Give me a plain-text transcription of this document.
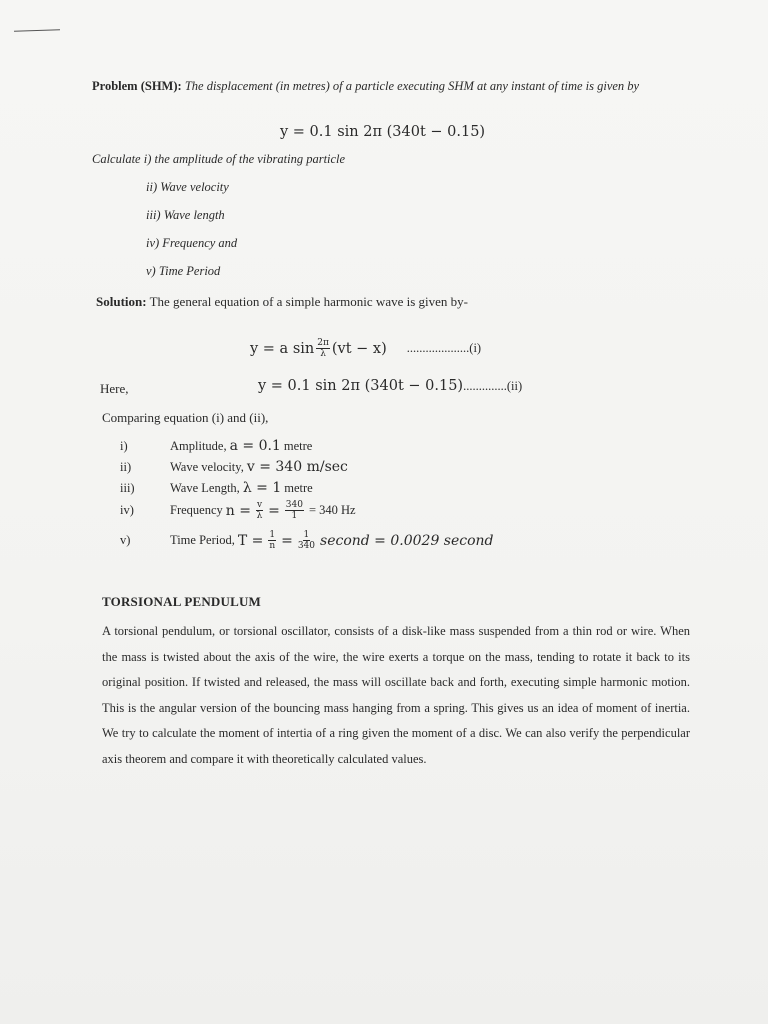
Problem (SHM): The displacement (in metres) of a particle executing SHM at any instant of time is given by
y = 0.1 sin 2π (340t − 0.15)
Calculate i) the amplitude of the vibrating particle
ii) Wave velocity
iii) Wave length
iv) Frequency and
v) Time Period
Solution: The general equation of a simple harmonic wave is given by-
y = a $\sin \frac{2\pi}{\lambda} (vt - x)$ ....................(i)
Here,	y = 0.1 sin 2π (340t − 0.15)..............(ii)
Comparing equation (i) and (ii),
i)	Amplitude, a = 0.1 metre
ii)	Wave velocity, v = 340 m/sec
iii)	Wave Length, λ = 1 metre
iv)	Frequency $n = \frac{v}{\lambda} = \frac{340}{1} = 340$ Hz
v)	Time Period, $T = \frac{1}{n} = \frac{1}{340}$ second = 0.0029 second
TORSIONAL PENDULUM
A torsional pendulum, or torsional oscillator, consists of a disk-like mass suspended from a thin rod or wire. When the mass is twisted about the axis of the wire, the wire exerts a torque on the mass, tending to rotate it back to its original position. If twisted and released, the mass will oscillate back and forth, executing simple harmonic motion. This is the angular version of the bouncing mass hanging from a spring. This gives us an idea of moment of inertia. We try to calculate the moment of intertia of a ring given the moment of a disc. We can also verify the perpendicular axis theorem and compare it with theoretically calculated values.
